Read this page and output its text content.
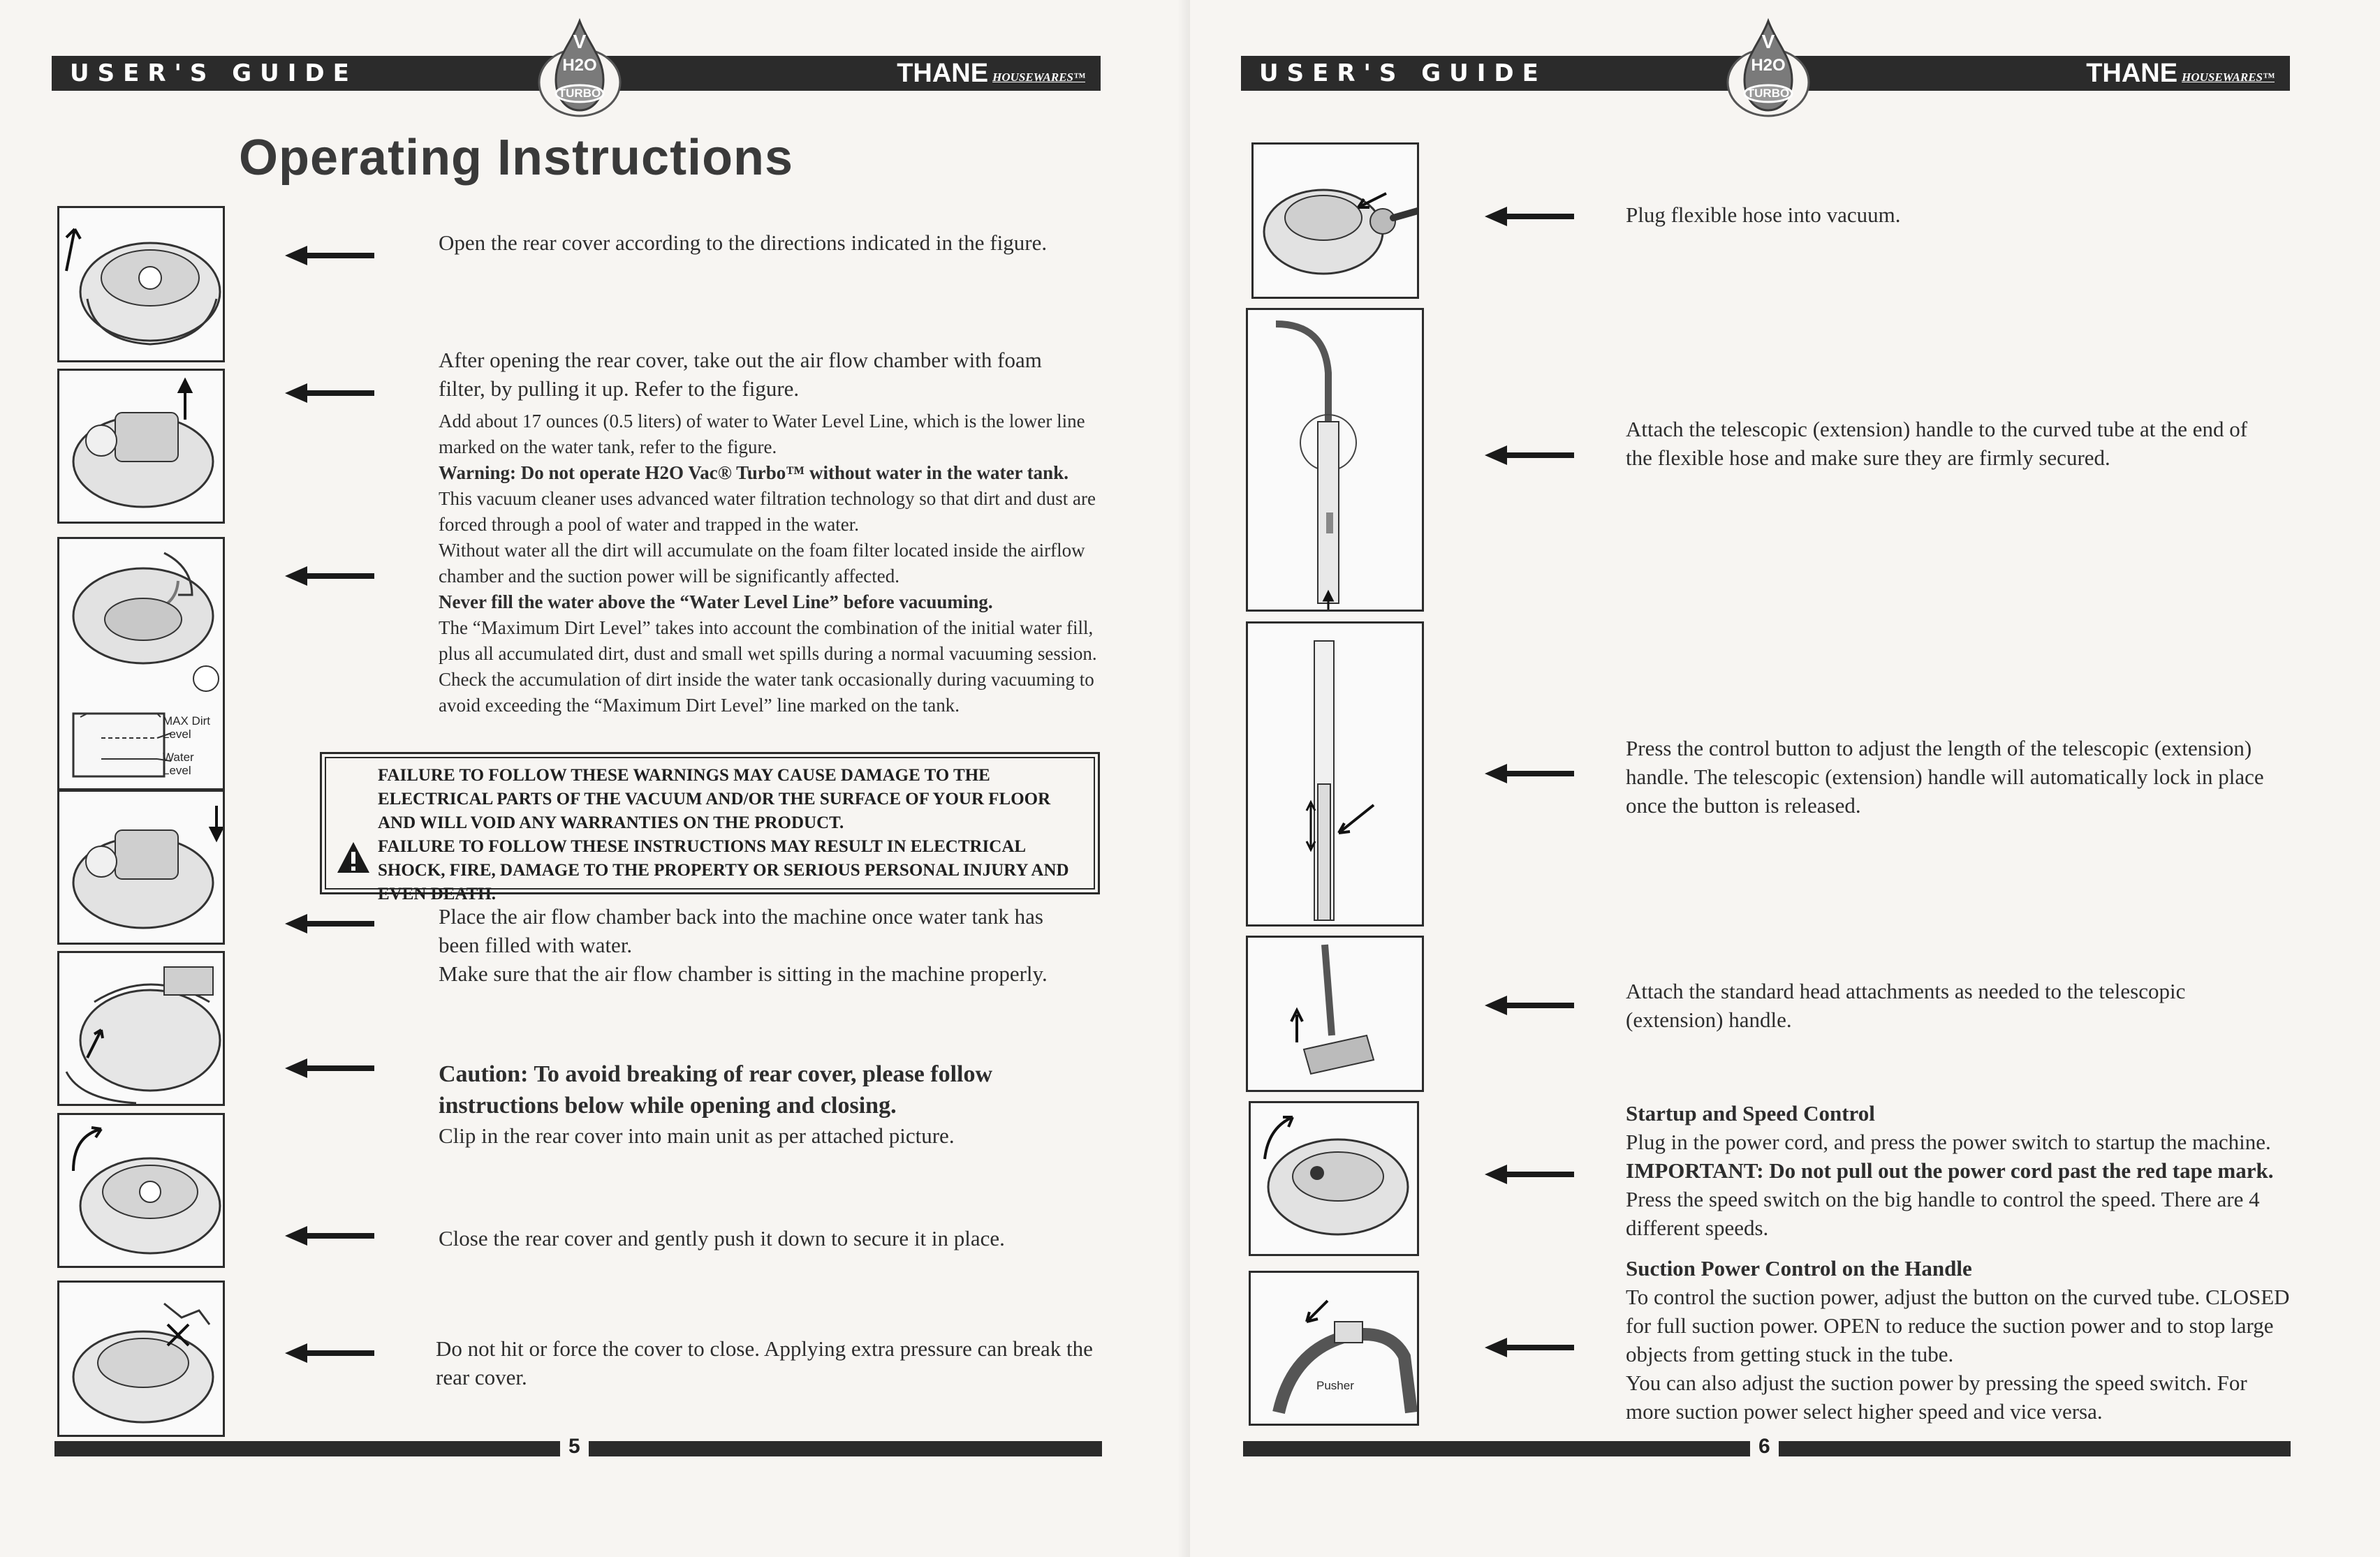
USER'S GUIDE	THANE HOUSEWARES™
V
H2O
TURBO
Operating Instructions
MAX Dirt
Level
Water
Level
Open the rear cover according to the directions indicated in the figure.
After opening the rear cover, take out the air flow chamber with foam filter, by pulling it up. Refer to the figure.

Add about 17 ounces (0.5 liters) of water to Water Level Line, which is the lower line marked on the water tank, refer to the figure.

Warning: Do not operate H2O Vac® Turbo™ without water in the water tank.

This vacuum cleaner uses advanced water filtration technology so that dirt and dust are forced through a pool of water and trapped in the water.

Without water all the dirt will accumulate on the foam filter located inside the airflow chamber and the suction power will be significantly affected.

Never fill the water above the “Water Level Line” before vacuuming.

The “Maximum Dirt Level” takes into account the combination of the initial water fill, plus all accumulated dirt, dust and small wet spills during a normal vacuuming session. Check the accumulation of dirt inside the water tank occasionally during vacuuming to avoid exceeding the “Maximum Dirt Level” line marked on the tank.

FAILURE TO FOLLOW THESE WARNINGS MAY CAUSE DAMAGE TO THE ELECTRICAL PARTS OF THE VACUUM AND/OR THE SURFACE OF YOUR FLOOR AND WILL VOID ANY WARRANTIES ON THE PRODUCT.

FAILURE TO FOLLOW THESE INSTRUCTIONS MAY RESULT IN ELECTRICAL SHOCK, FIRE, DAMAGE TO THE PROPERTY OR SERIOUS PERSONAL INJURY AND EVEN DEATH.

Place the air flow chamber back into the machine once water tank has been filled with water.

Make sure that the air flow chamber is sitting in the machine properly.

Caution: To avoid breaking of rear cover, please follow instructions below while opening and closing.

Clip in the rear cover into main unit as per attached picture.

Close the rear cover and gently push it down to secure it in place.
Do not hit or force the cover to close. Applying extra pressure can break the rear cover.
5
USER'S GUIDE	THANE HOUSEWARES™
V
H2O
TURBO
Pusher
Plug flexible hose into vacuum.
Attach the telescopic (extension) handle to the curved tube at the end of the flexible hose and make sure they are firmly secured.
Press the control button to adjust the length of the telescopic (extension) handle. The telescopic (extension) handle will automatically lock in place once the button is released.
Attach the standard head attachments as needed to the telescopic (extension) handle.

Startup and Speed Control

Plug in the power cord, and press the power switch to startup the machine. IMPORTANT: Do not pull out the power cord past the red tape mark. Press the speed switch on the big handle to control the speed. There are 4 different speeds.

Suction Power Control on the Handle

To control the suction power, adjust the button on the curved tube. CLOSED for full suction power. OPEN to reduce the suction power and to stop large objects from getting stuck in the tube.

You can also adjust the suction power by pressing the speed switch. For more suction power select higher speed and vice versa.

6
